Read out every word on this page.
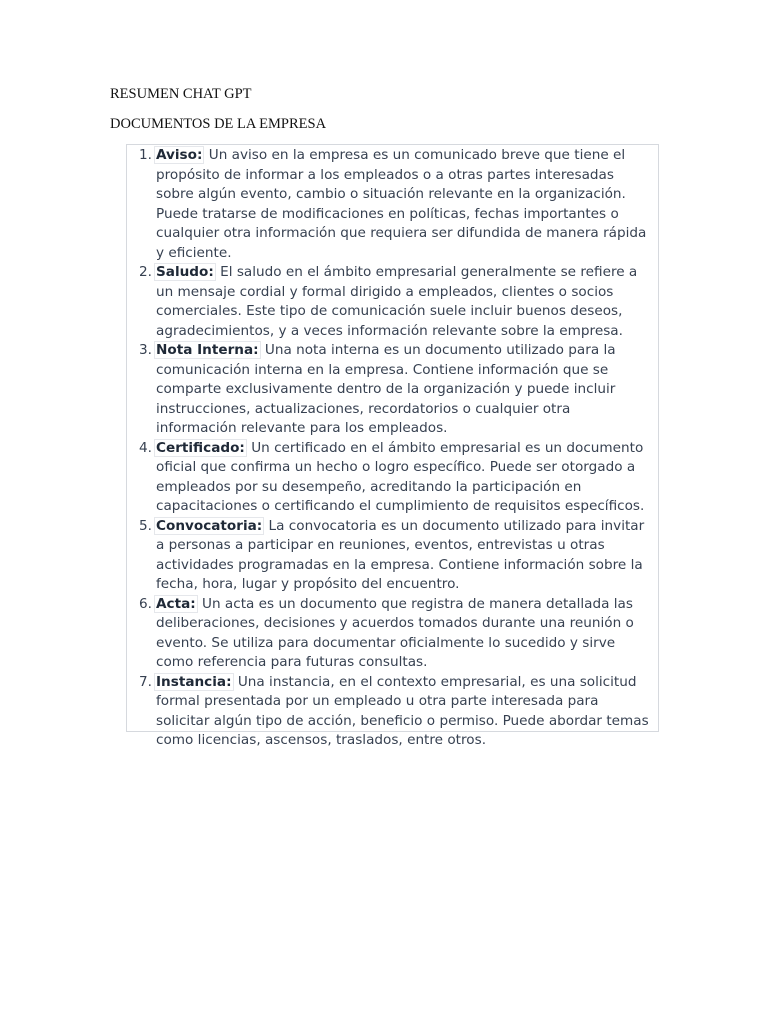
RESUMEN CHAT GPT
DOCUMENTOS DE LA EMPRESA
1. Aviso: Un aviso en la empresa es un comunicado breve que tiene el propósito de informar a los empleados o a otras partes interesadas sobre algún evento, cambio o situación relevante en la organización. Puede tratarse de modificaciones en políticas, fechas importantes o cualquier otra información que requiera ser difundida de manera rápida y eficiente.
2. Saludo: El saludo en el ámbito empresarial generalmente se refiere a un mensaje cordial y formal dirigido a empleados, clientes o socios comerciales. Este tipo de comunicación suele incluir buenos deseos, agradecimientos, y a veces información relevante sobre la empresa.
3. Nota Interna: Una nota interna es un documento utilizado para la comunicación interna en la empresa. Contiene información que se comparte exclusivamente dentro de la organización y puede incluir instrucciones, actualizaciones, recordatorios o cualquier otra información relevante para los empleados.
4. Certificado: Un certificado en el ámbito empresarial es un documento oficial que confirma un hecho o logro específico. Puede ser otorgado a empleados por su desempeño, acreditando la participación en capacitaciones o certificando el cumplimiento de requisitos específicos.
5. Convocatoria: La convocatoria es un documento utilizado para invitar a personas a participar en reuniones, eventos, entrevistas u otras actividades programadas en la empresa. Contiene información sobre la fecha, hora, lugar y propósito del encuentro.
6. Acta: Un acta es un documento que registra de manera detallada las deliberaciones, decisiones y acuerdos tomados durante una reunión o evento. Se utiliza para documentar oficialmente lo sucedido y sirve como referencia para futuras consultas.
7. Instancia: Una instancia, en el contexto empresarial, es una solicitud formal presentada por un empleado u otra parte interesada para solicitar algún tipo de acción, beneficio o permiso. Puede abordar temas como licencias, ascensos, traslados, entre otros.
